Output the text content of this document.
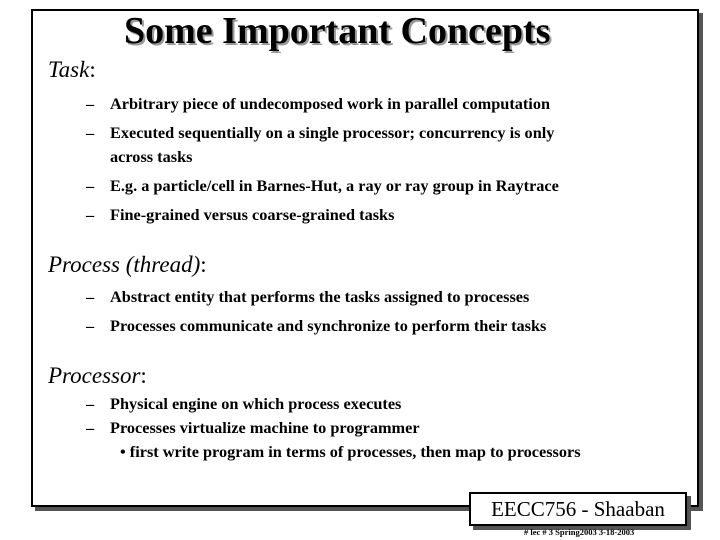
Some Important Concepts
Task:
– Arbitrary piece of undecomposed work in parallel computation
– Executed sequentially on a single processor; concurrency is only
across tasks
– E.g. a particle/cell in Barnes-Hut, a ray or ray group in Raytrace
– Fine-grained versus coarse-grained tasks
Process (thread):
– Abstract entity that performs the tasks assigned to processes
– Processes communicate and synchronize to perform their tasks
Processor:
– Physical engine on which process executes
– Processes virtualize machine to programmer
• first write program in terms of processes, then map to processors
EECC756 - Shaaban
# lec # 3 Spring2003 3-18-2003
